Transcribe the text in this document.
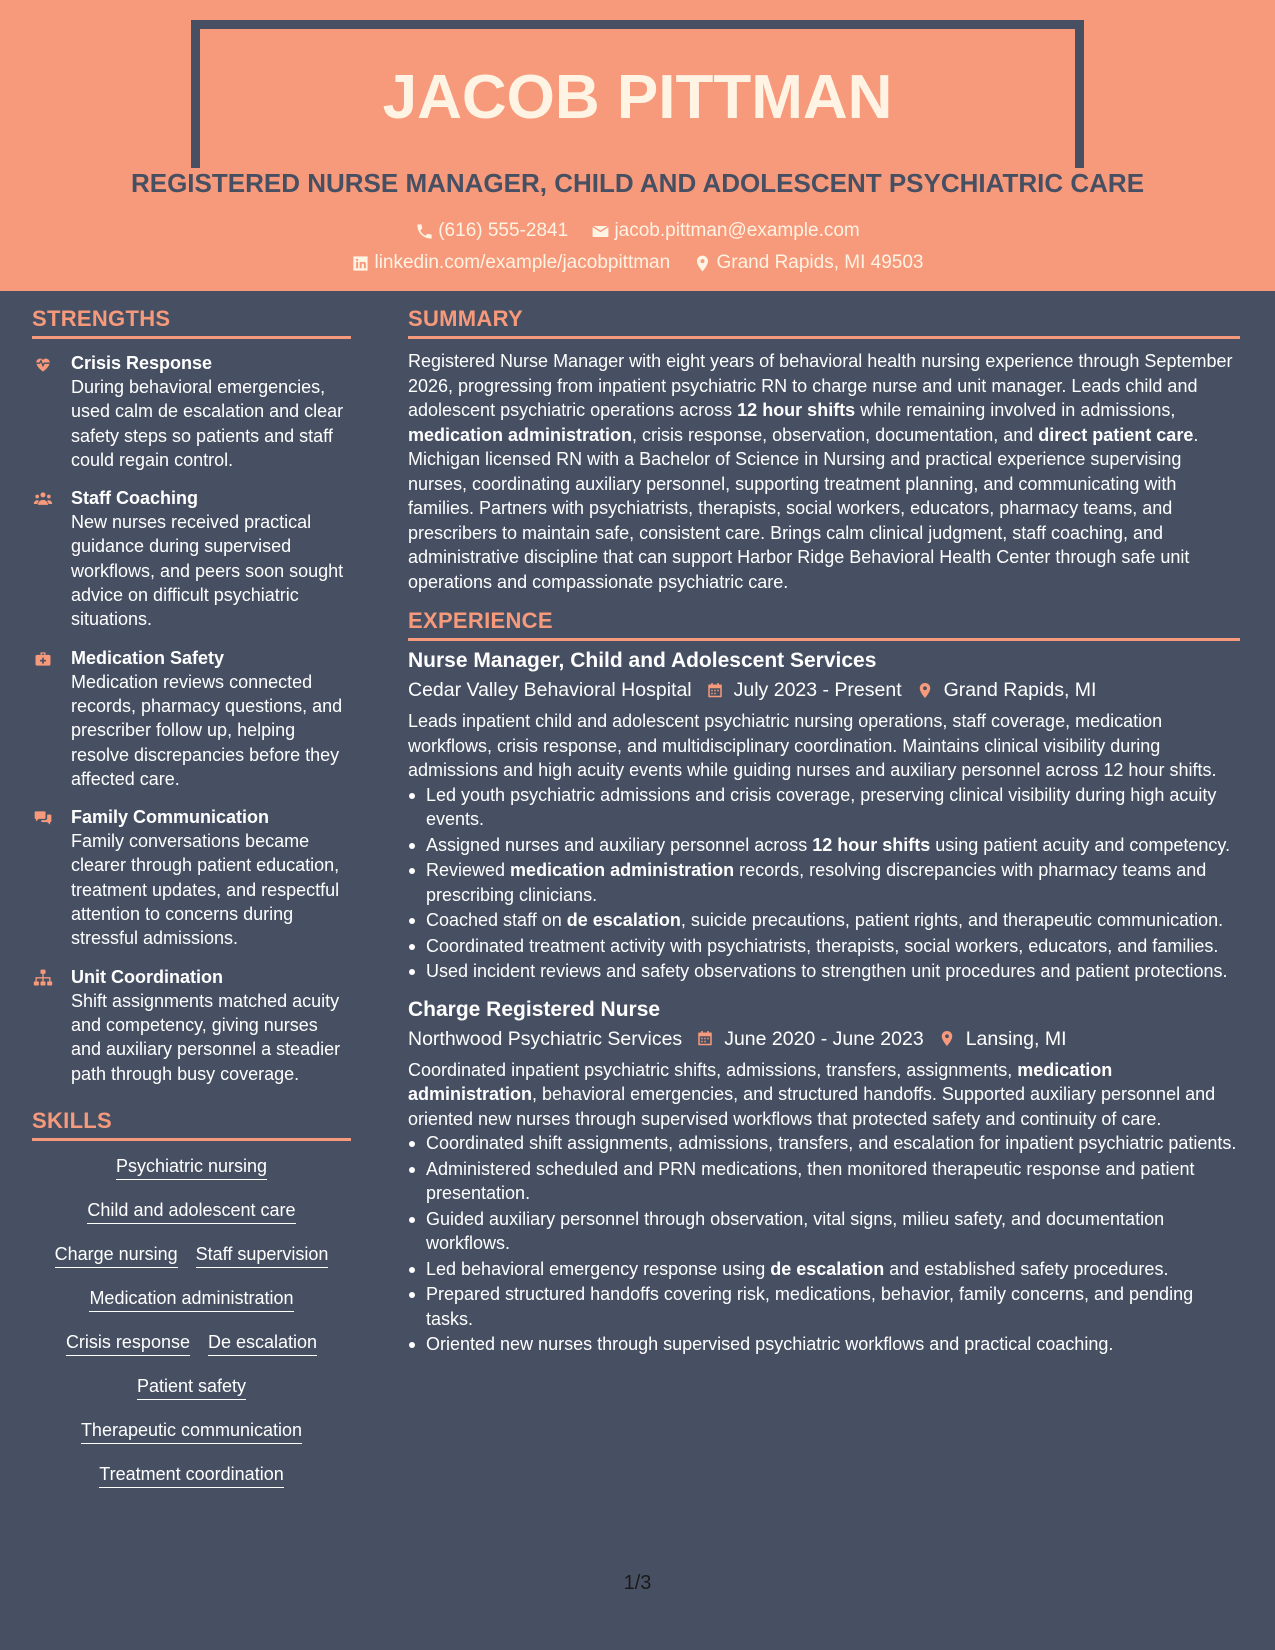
JACOB PITTMAN
REGISTERED NURSE MANAGER, CHILD AND ADOLESCENT PSYCHIATRIC CARE
(616) 555-2841
jacob.pittman@example.com
linkedin.com/example/jacobpittman
Grand Rapids, MI 49503
STRENGTHS
Crisis Response
During behavioral emergencies, used calm de escalation and clear safety steps so patients and staff could regain control.
Staff Coaching
New nurses received practical guidance during supervised workflows, and peers soon sought advice on difficult psychiatric situations.
Medication Safety
Medication reviews connected records, pharmacy questions, and prescriber follow up, helping resolve discrepancies before they affected care.
Family Communication
Family conversations became clearer through patient education, treatment updates, and respectful attention to concerns during stressful admissions.
Unit Coordination
Shift assignments matched acuity and competency, giving nurses and auxiliary personnel a steadier path through busy coverage.
SKILLS
Psychiatric nursing
Child and adolescent care
Charge nursing Staff supervision
Medication administration
Crisis response De escalation
Patient safety
Therapeutic communication
Treatment coordination
SUMMARY

Registered Nurse Manager with eight years of behavioral health nursing experience through September 2026, progressing from inpatient psychiatric RN to charge nurse and unit manager. Leads child and adolescent psychiatric operations across 12 hour shifts while remaining involved in admissions, medication administration, crisis response, observation, documentation, and direct patient care. Michigan licensed RN with a Bachelor of Science in Nursing and practical experience supervising nurses, coordinating auxiliary personnel, supporting treatment planning, and communicating with families. Partners with psychiatrists, therapists, social workers, educators, pharmacy teams, and prescribers to maintain safe, consistent care. Brings calm clinical judgment, staff coaching, and administrative discipline that can support Harbor Ridge Behavioral Health Center through safe unit operations and compassionate psychiatric care.

EXPERIENCE
Nurse Manager, Child and Adolescent Services
Cedar Valley Behavioral Hospital July 2023 - Present Grand Rapids, MI

Leads inpatient child and adolescent psychiatric nursing operations, staff coverage, medication workflows, crisis response, and multidisciplinary coordination. Maintains clinical visibility during admissions and high acuity events while guiding nurses and auxiliary personnel across 12 hour shifts.

Led youth psychiatric admissions and crisis coverage, preserving clinical visibility during high acuity events.
Assigned nurses and auxiliary personnel across 12 hour shifts using patient acuity and competency.
Reviewed medication administration records, resolving discrepancies with pharmacy teams and prescribing clinicians.
Coached staff on de escalation, suicide precautions, patient rights, and therapeutic communication.
Coordinated treatment activity with psychiatrists, therapists, social workers, educators, and families.
Used incident reviews and safety observations to strengthen unit procedures and patient protections.
Charge Registered Nurse
Northwood Psychiatric Services June 2020 - June 2023 Lansing, MI

Coordinated inpatient psychiatric shifts, admissions, transfers, assignments, medication administration, behavioral emergencies, and structured handoffs. Supported auxiliary personnel and oriented new nurses through supervised workflows that protected safety and continuity of care.

Coordinated shift assignments, admissions, transfers, and escalation for inpatient psychiatric patients.
Administered scheduled and PRN medications, then monitored therapeutic response and patient presentation.
Guided auxiliary personnel through observation, vital signs, milieu safety, and documentation workflows.
Led behavioral emergency response using de escalation and established safety procedures.
Prepared structured handoffs covering risk, medications, behavior, family concerns, and pending tasks.
Oriented new nurses through supervised psychiatric workflows and practical coaching.
1/3
